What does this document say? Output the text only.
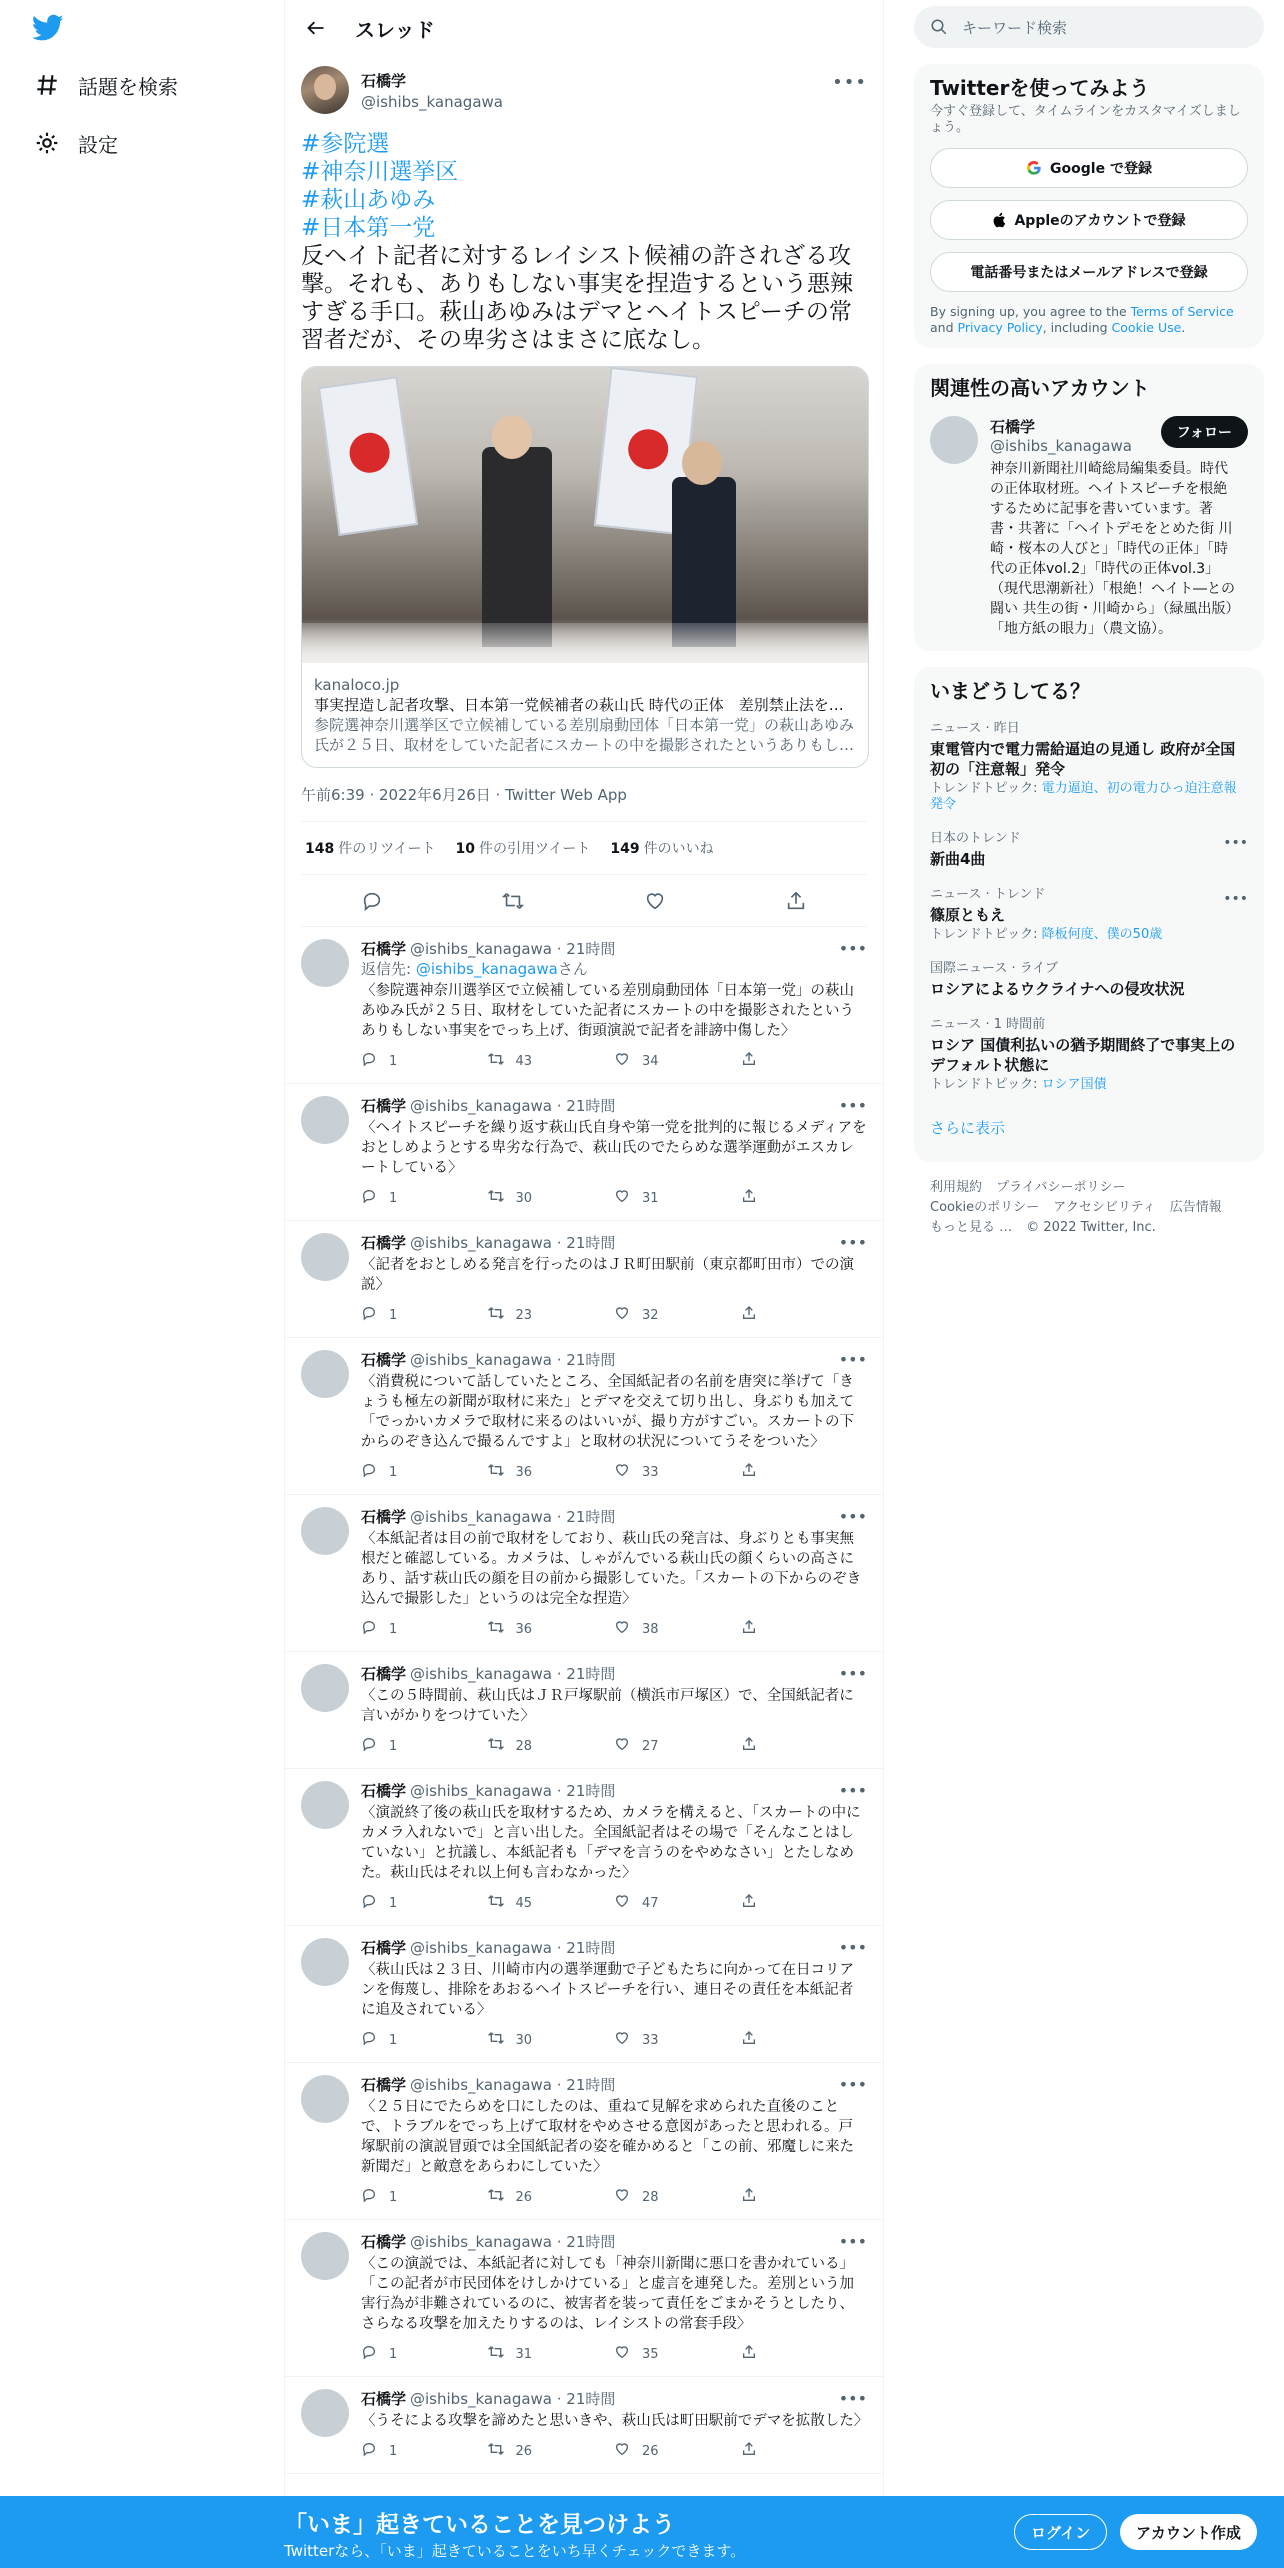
話題を検索
設定
スレッド
石橋学
@ishibs_kanagawa
•••
#参院選
#神奈川選挙区
#萩山あゆみ
#日本第一党
反ヘイト記者に対するレイシスト候補の許されざる攻撃。それも、ありもしない事実を捏造するという悪辣すぎる手口。萩山あゆみはデマとヘイトスピーチの常習者だが、その卑劣さはまさに底なし。
kanaloco.jp
事実捏造し記者攻撃、日本第一党候補者の萩山氏 時代の正体　差別禁止法を…
参院選神奈川選挙区で立候補している差別扇動団体「日本第一党」の萩山あゆみ氏が２５日、取材をしていた記者にスカートの中を撮影されたというありもし…
午前6:39 · 2022年6月26日 · Twitter Web App
148 件のリツイート 10 件の引用ツイート 149 件のいいね
石橋学 @ishibs_kanagawa · 21時間	•••
返信先: @ishibs_kanagawaさん
〈参院選神奈川選挙区で立候補している差別扇動団体「日本第一党」の萩山あゆみ氏が２５日、取材をしていた記者にスカートの中を撮影されたというありもしない事実をでっち上げ、街頭演説で記者を誹謗中傷した〉
1	43	34
石橋学 @ishibs_kanagawa · 21時間	•••
〈ヘイトスピーチを繰り返す萩山氏自身や第一党を批判的に報じるメディアをおとしめようとする卑劣な行為で、萩山氏のでたらめな選挙運動がエスカレートしている〉
1	30	31
石橋学 @ishibs_kanagawa · 21時間	•••
〈記者をおとしめる発言を行ったのはＪＲ町田駅前（東京都町田市）での演説〉
1	23	32
石橋学 @ishibs_kanagawa · 21時間	•••
〈消費税について話していたところ、全国紙記者の名前を唐突に挙げて「きょうも極左の新聞が取材に来た」とデマを交えて切り出し、身ぶりも加えて「でっかいカメラで取材に来るのはいいが、撮り方がすごい。スカートの下からのぞき込んで撮るんですよ」と取材の状況についてうそをついた〉
1	36	33
石橋学 @ishibs_kanagawa · 21時間	•••
〈本紙記者は目の前で取材をしており、萩山氏の発言は、身ぶりとも事実無根だと確認している。カメラは、しゃがんでいる萩山氏の顔くらいの高さにあり、話す萩山氏の顔を目の前から撮影していた。「スカートの下からのぞき込んで撮影した」というのは完全な捏造〉
1	36	38
石橋学 @ishibs_kanagawa · 21時間	•••
〈この５時間前、萩山氏はＪＲ戸塚駅前（横浜市戸塚区）で、全国紙記者に言いがかりをつけていた〉
1	28	27
石橋学 @ishibs_kanagawa · 21時間	•••
〈演説終了後の萩山氏を取材するため、カメラを構えると、「スカートの中にカメラ入れないで」と言い出した。全国紙記者はその場で「そんなことはしていない」と抗議し、本紙記者も「デマを言うのをやめなさい」とたしなめた。萩山氏はそれ以上何も言わなかった〉
1	45	47
石橋学 @ishibs_kanagawa · 21時間	•••
〈萩山氏は２３日、川崎市内の選挙運動で子どもたちに向かって在日コリアンを侮蔑し、排除をあおるヘイトスピーチを行い、連日その責任を本紙記者に追及されている〉
1	30	33
石橋学 @ishibs_kanagawa · 21時間	•••
〈２５日にでたらめを口にしたのは、重ねて見解を求められた直後のことで、トラブルをでっち上げて取材をやめさせる意図があったと思われる。戸塚駅前の演説冒頭では全国紙記者の姿を確かめると「この前、邪魔しに来た新聞だ」と敵意をあらわにしていた〉
1	26	28
石橋学 @ishibs_kanagawa · 21時間	•••
〈この演説では、本紙記者に対しても「神奈川新聞に悪口を書かれている」「この記者が市民団体をけしかけている」と虚言を連発した。差別という加害行為が非難されているのに、被害者を装って責任をごまかそうとしたり、さらなる攻撃を加えたりするのは、レイシストの常套手段〉
1	31	35
石橋学 @ishibs_kanagawa · 21時間	•••
〈うそによる攻撃を諦めたと思いきや、萩山氏は町田駅前でデマを拡散した〉
1	26	26
キーワード検索
Twitterを使ってみよう
今すぐ登録して、タイムラインをカスタマイズしましょう。
Google で登録
Appleのアカウントで登録
電話番号またはメールアドレスで登録
By signing up, you agree to the Terms of Service and Privacy Policy, including Cookie Use.
関連性の高いアカウント
石橋学
@ishibs_kanagawa
神奈川新聞社川崎総局編集委員。時代の正体取材班。ヘイトスピーチを根絶するために記事を書いています。著書・共著に「ヘイトデモをとめた街 川崎・桜本の人びと」「時代の正体」「時代の正体vol.2」「時代の正体vol.3」（現代思潮新社）「根絶！ヘイト―との闘い 共生の街・川崎から」（緑風出版）「地方紙の眼力」（農文協）。
フォロー
いまどうしてる？
ニュース · 昨日
東電管内で電力需給逼迫の見通し 政府が全国初の「注意報」発令
トレンドトピック: 電力逼迫、初の電力ひっ迫注意報発令
日本のトレンド
新曲4曲
•••
ニュース · トレンド
篠原ともえ
トレンドトピック: 降板何度、僕の50歳
•••
国際ニュース · ライブ
ロシアによるウクライナへの侵攻状況
ニュース · 1 時間前
ロシア 国債利払いの猶予期間終了で事実上のデフォルト状態に
トレンドトピック: ロシア国債
さらに表示
利用規約 プライバシーポリシー
Cookieのポリシー アクセシビリティ 広告情報
もっと見る … © 2022 Twitter, Inc.
「いま」起きていることを見つけよう
Twitterなら、「いま」起きていることをいち早くチェックできます。
ログイン	アカウント作成
